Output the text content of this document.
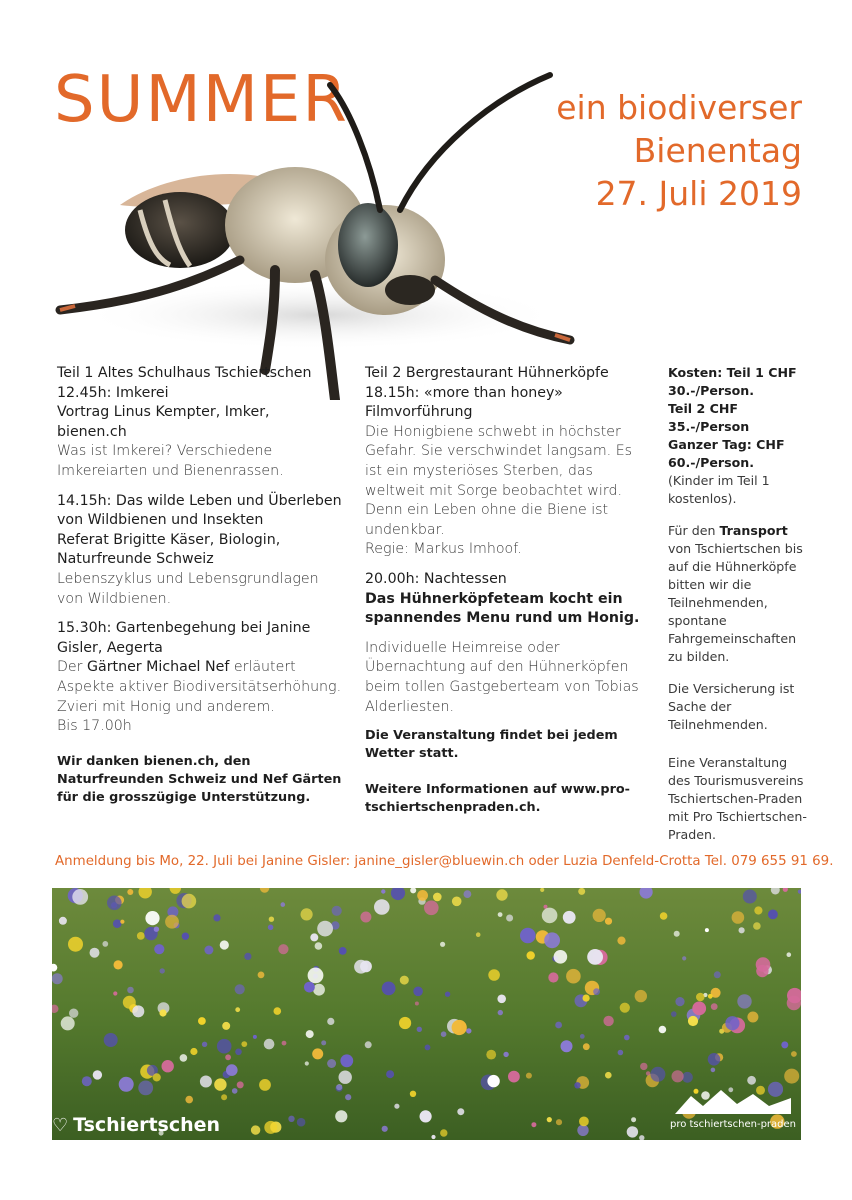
SUMMER	ein biodiverser
Bienentag
27. Juli 2019

Teil 1 Altes Schulhaus Tschiertschen

12.45h: Imkerei

Vortrag Linus Kempter, Imker, bienen.ch

Was ist Imkerei? Verschiedene Imkereiarten und Bienenrassen.

14.15h: Das wilde Leben und Überleben von Wildbienen und Insekten

Referat Brigitte Käser, Biologin, Naturfreunde Schweiz

Lebenszyklus und Lebensgrundlagen von Wildbienen.

15.30h: Gartenbegehung bei Janine Gisler, Aegerta

Der Gärtner Michael Nef erläutert Aspekte aktiver Biodiversitätserhöhung.

Zvieri mit Honig und anderem.

Bis 17.00h

Wir danken bienen.ch, den Naturfreunden Schweiz und Nef Gärten für die grosszügige Unterstützung.

Teil 2 Bergrestaurant Hühnerköpfe

18.15h: «more than honey»

Filmvorführung

Die Honigbiene schwebt in höchster Gefahr. Sie verschwindet langsam. Es ist ein mysteriöses Sterben, das weltweit mit Sorge beobachtet wird. Denn ein Leben ohne die Biene ist undenkbar.

Regie: Markus Imhoof.

20.00h: Nachtessen

Das Hühnerköpfeteam kocht ein spannendes Menu rund um Honig.

Individuelle Heimreise oder Übernachtung auf den Hühnerköpfen beim tollen Gastgeberteam von Tobias Alderliesten.

Die Veranstaltung findet bei jedem Wetter statt.

Weitere Informationen auf www.pro-tschiertschenpraden.ch.

Kosten: Teil 1 CHF 30.-/Person.

Teil 2 CHF 35.-/Person

Ganzer Tag: CHF 60.-/Person.

(Kinder im Teil 1 kostenlos).

Für den Transport von Tschiertschen bis auf die Hühnerköpfe bitten wir die Teilnehmenden, spontane Fahrgemeinschaften zu bilden.

Die Versicherung ist Sache der Teilnehmenden.

Eine Veranstaltung des Tourismusvereins Tschiertschen-Praden mit Pro Tschiertschen-Praden.

Anmeldung bis Mo, 22. Juli bei Janine Gisler: janine_gisler@bluewin.ch oder Luzia Denfeld-Crotta Tel. 079 655 91 69.
♡ Tschiertschen	pro tschiertschen-praden
